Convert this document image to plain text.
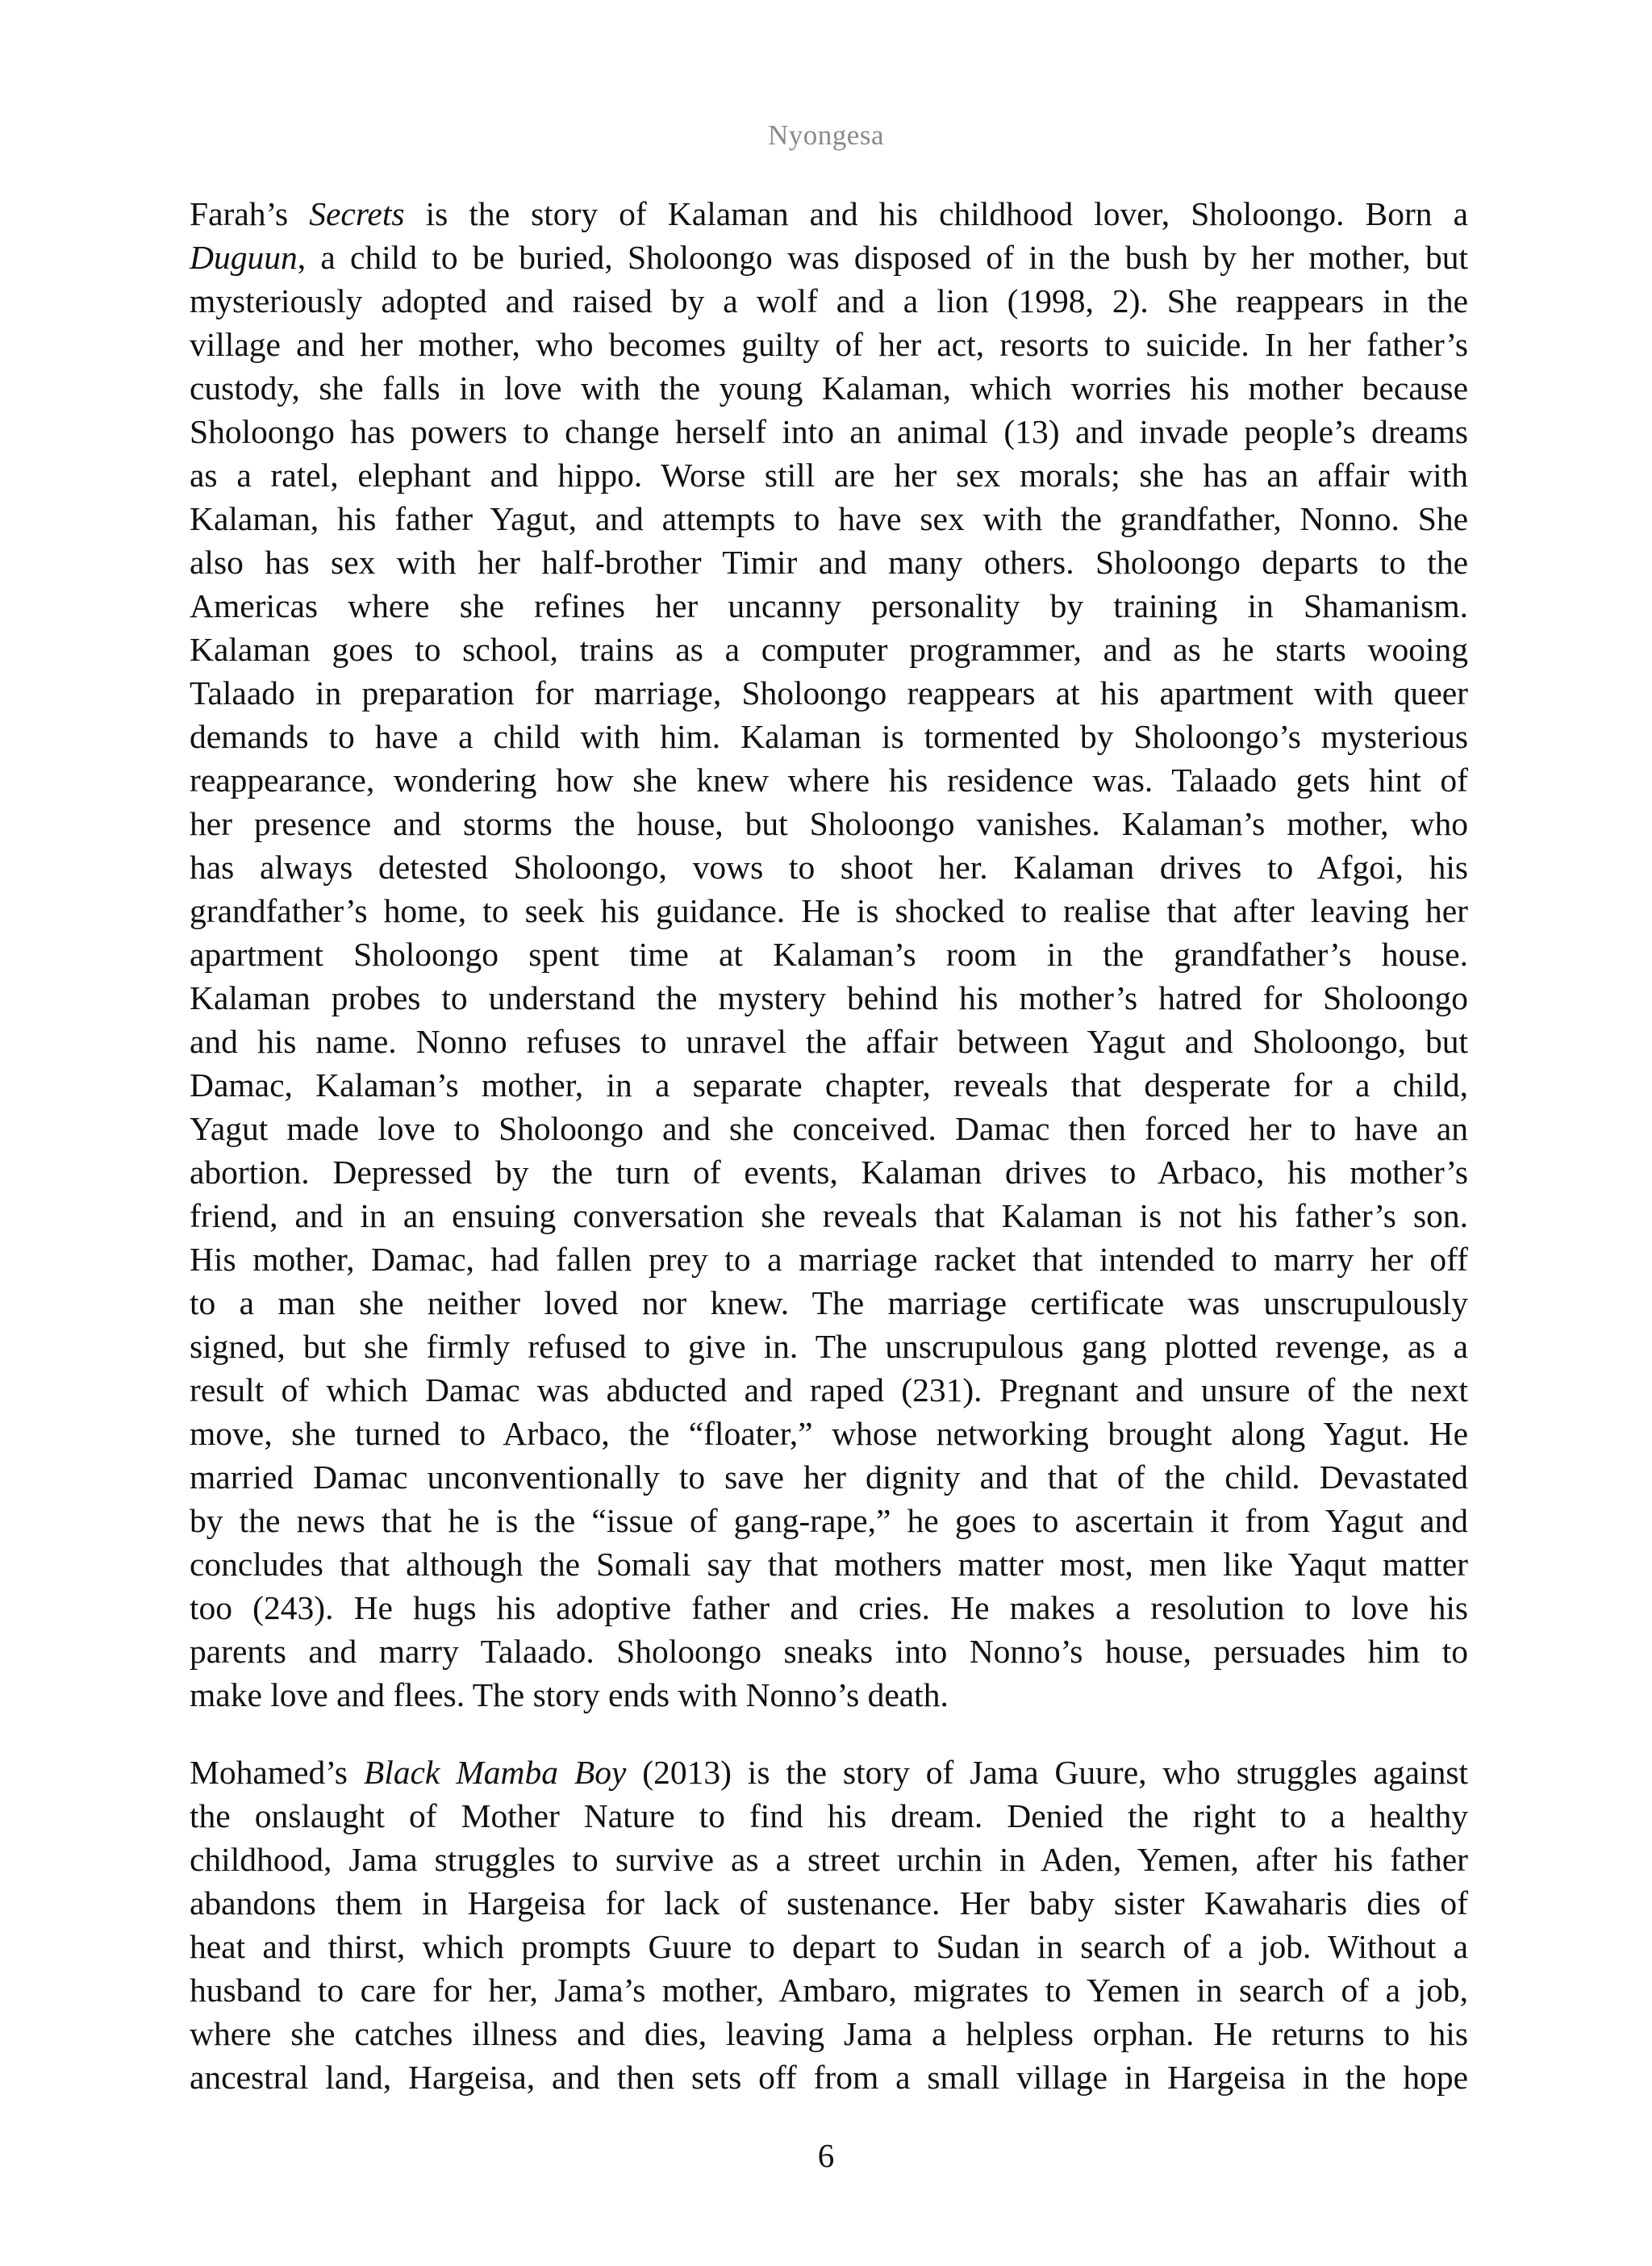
Nyongesa
Farah’s Secrets is the story of Kalaman and his childhood lover, Sholoongo. Born a
Duguun, a child to be buried, Sholoongo was disposed of in the bush by her mother, but
mysteriously adopted and raised by a wolf and a lion (1998, 2). She reappears in the
village and her mother, who becomes guilty of her act, resorts to suicide. In her father’s
custody, she falls in love with the young Kalaman, which worries his mother because
Sholoongo has powers to change herself into an animal (13) and invade people’s dreams
as a ratel, elephant and hippo. Worse still are her sex morals; she has an affair with
Kalaman, his father Yagut, and attempts to have sex with the grandfather, Nonno. She
also has sex with her half-brother Timir and many others. Sholoongo departs to the
Americas where she refines her uncanny personality by training in Shamanism.
Kalaman goes to school, trains as a computer programmer, and as he starts wooing
Talaado in preparation for marriage, Sholoongo reappears at his apartment with queer
demands to have a child with him. Kalaman is tormented by Sholoongo’s mysterious
reappearance, wondering how she knew where his residence was. Talaado gets hint of
her presence and storms the house, but Sholoongo vanishes. Kalaman’s mother, who
has always detested Sholoongo, vows to shoot her. Kalaman drives to Afgoi, his
grandfather’s home, to seek his guidance. He is shocked to realise that after leaving her
apartment Sholoongo spent time at Kalaman’s room in the grandfather’s house.
Kalaman probes to understand the mystery behind his mother’s hatred for Sholoongo
and his name. Nonno refuses to unravel the affair between Yagut and Sholoongo, but
Damac, Kalaman’s mother, in a separate chapter, reveals that desperate for a child,
Yagut made love to Sholoongo and she conceived. Damac then forced her to have an
abortion. Depressed by the turn of events, Kalaman drives to Arbaco, his mother’s
friend, and in an ensuing conversation she reveals that Kalaman is not his father’s son.
His mother, Damac, had fallen prey to a marriage racket that intended to marry her off
to a man she neither loved nor knew. The marriage certificate was unscrupulously
signed, but she firmly refused to give in. The unscrupulous gang plotted revenge, as a
result of which Damac was abducted and raped (231). Pregnant and unsure of the next
move, she turned to Arbaco, the “floater,” whose networking brought along Yagut. He
married Damac unconventionally to save her dignity and that of the child. Devastated
by the news that he is the “issue of gang-rape,” he goes to ascertain it from Yagut and
concludes that although the Somali say that mothers matter most, men like Yaqut matter
too (243). He hugs his adoptive father and cries. He makes a resolution to love his
parents and marry Talaado. Sholoongo sneaks into Nonno’s house, persuades him to
make love and flees. The story ends with Nonno’s death.
Mohamed’s Black Mamba Boy (2013) is the story of Jama Guure, who struggles against
the onslaught of Mother Nature to find his dream. Denied the right to a healthy
childhood, Jama struggles to survive as a street urchin in Aden, Yemen, after his father
abandons them in Hargeisa for lack of sustenance. Her baby sister Kawaharis dies of
heat and thirst, which prompts Guure to depart to Sudan in search of a job. Without a
husband to care for her, Jama’s mother, Ambaro, migrates to Yemen in search of a job,
where she catches illness and dies, leaving Jama a helpless orphan. He returns to his
ancestral land, Hargeisa, and then sets off from a small village in Hargeisa in the hope
6
